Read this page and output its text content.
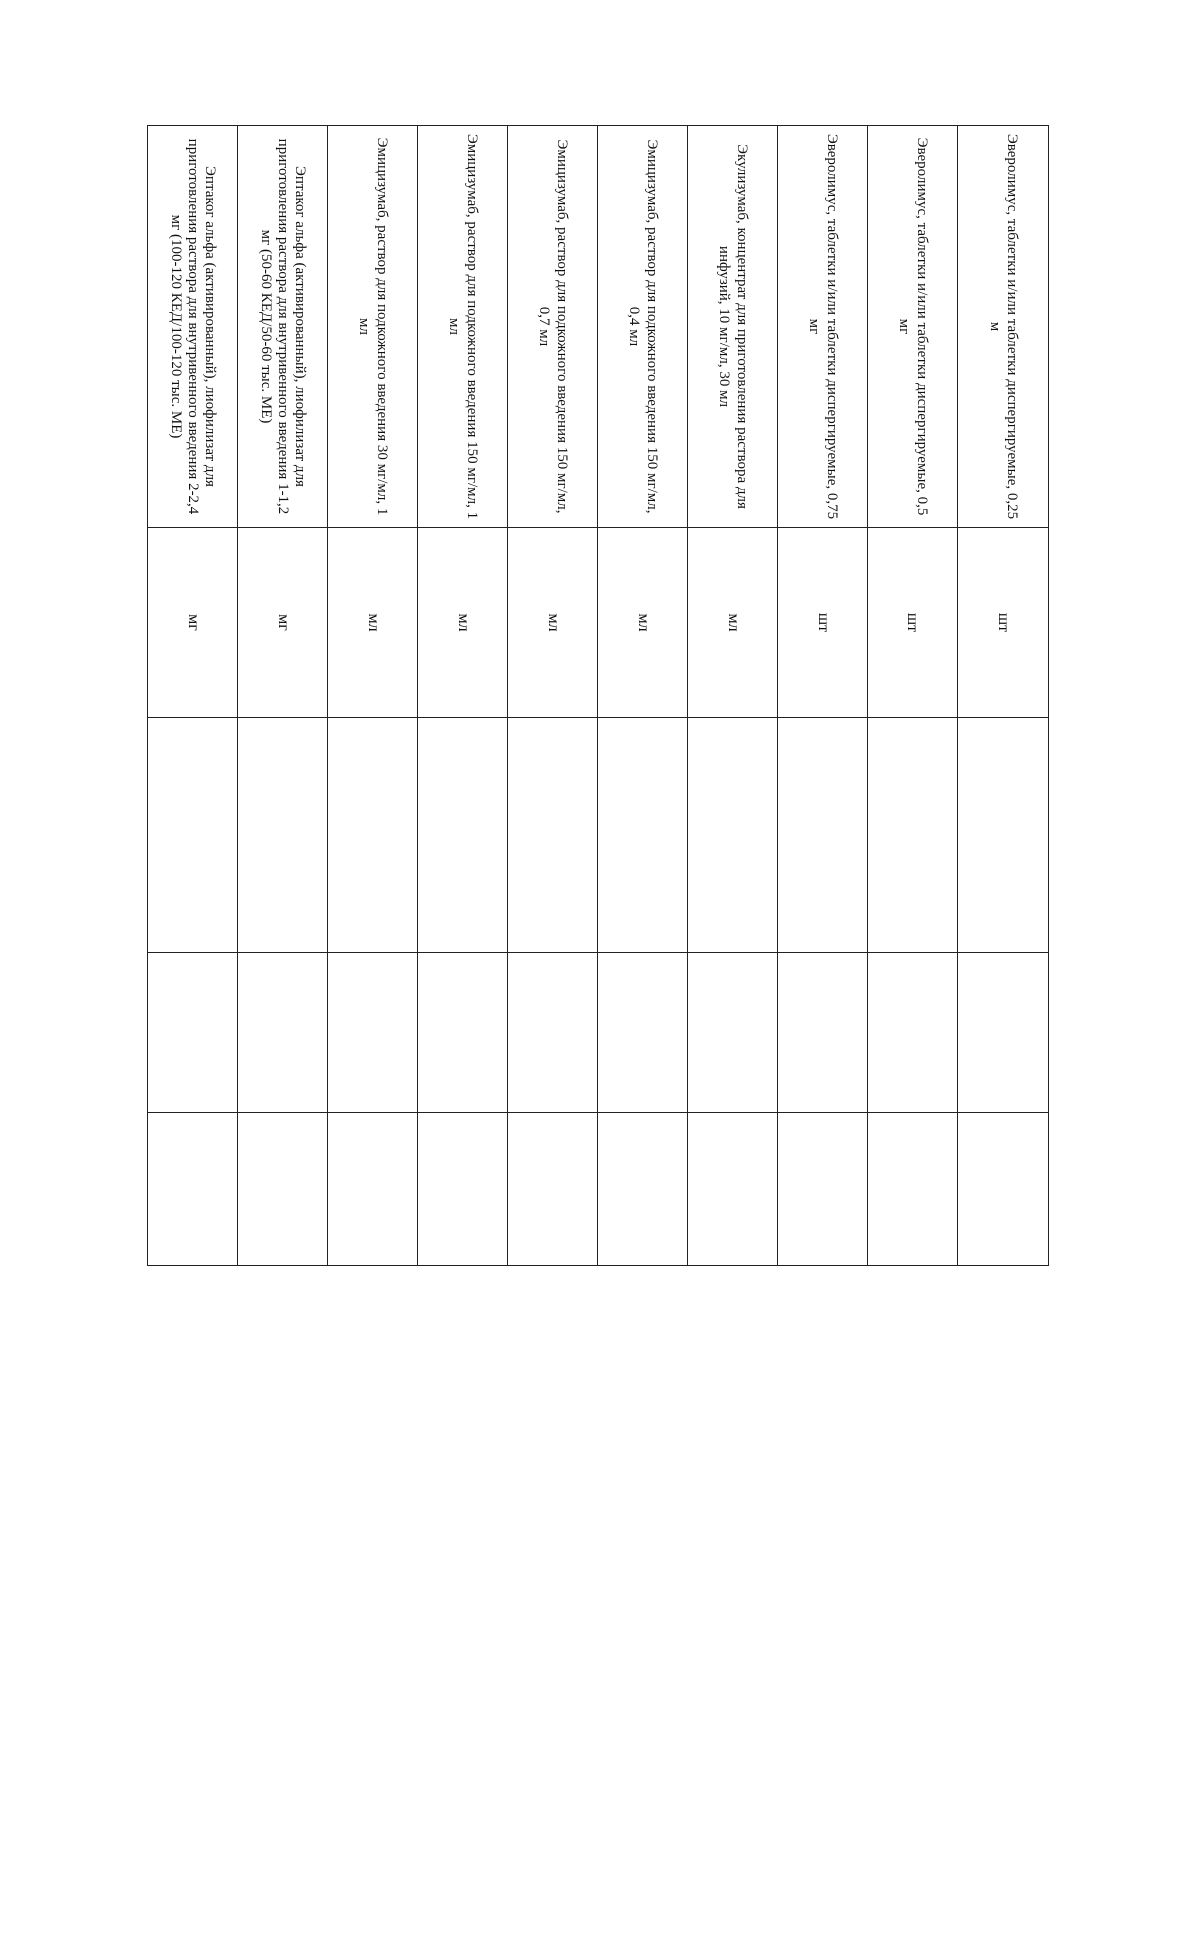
Эверолимус, таблетки и/или таблетки диспергируемые, 0,25 м	шт			
Эверолимус, таблетки и/или таблетки диспергируемые, 0,5 мг	шт			
Эверолимус, таблетки и/или таблетки диспергируемые, 0,75 мг	шт			
Экулизумаб, концентрат для приготовления раствора для инфузий, 10 мг/мл, 30 мл	мл			
Эмицизумаб, раствор для подкожного введения 150 мг/мл, 0,4 мл	мл			
Эмицизумаб, раствор для подкожного введения 150 мг/мл, 0,7 мл	мл			
Эмицизумаб, раствор для подкожного введения 150 мг/мл, 1 мл	мл			
Эмицизумаб, раствор для подкожного введения 30 мг/мл, 1 мл	мл			
Эптаког альфа (активированный), лиофилизат для приготовления раствора для внутривенного введения 1-1,2 мг (50-60 КЕД/50-60 тыс. МЕ)	мг			
Эптаког альфа (активированный), лиофилизат для приготовления раствора для внутривенного введения 2-2,4 мг (100-120 КЕД/100-120 тыс. МЕ)	мг			
